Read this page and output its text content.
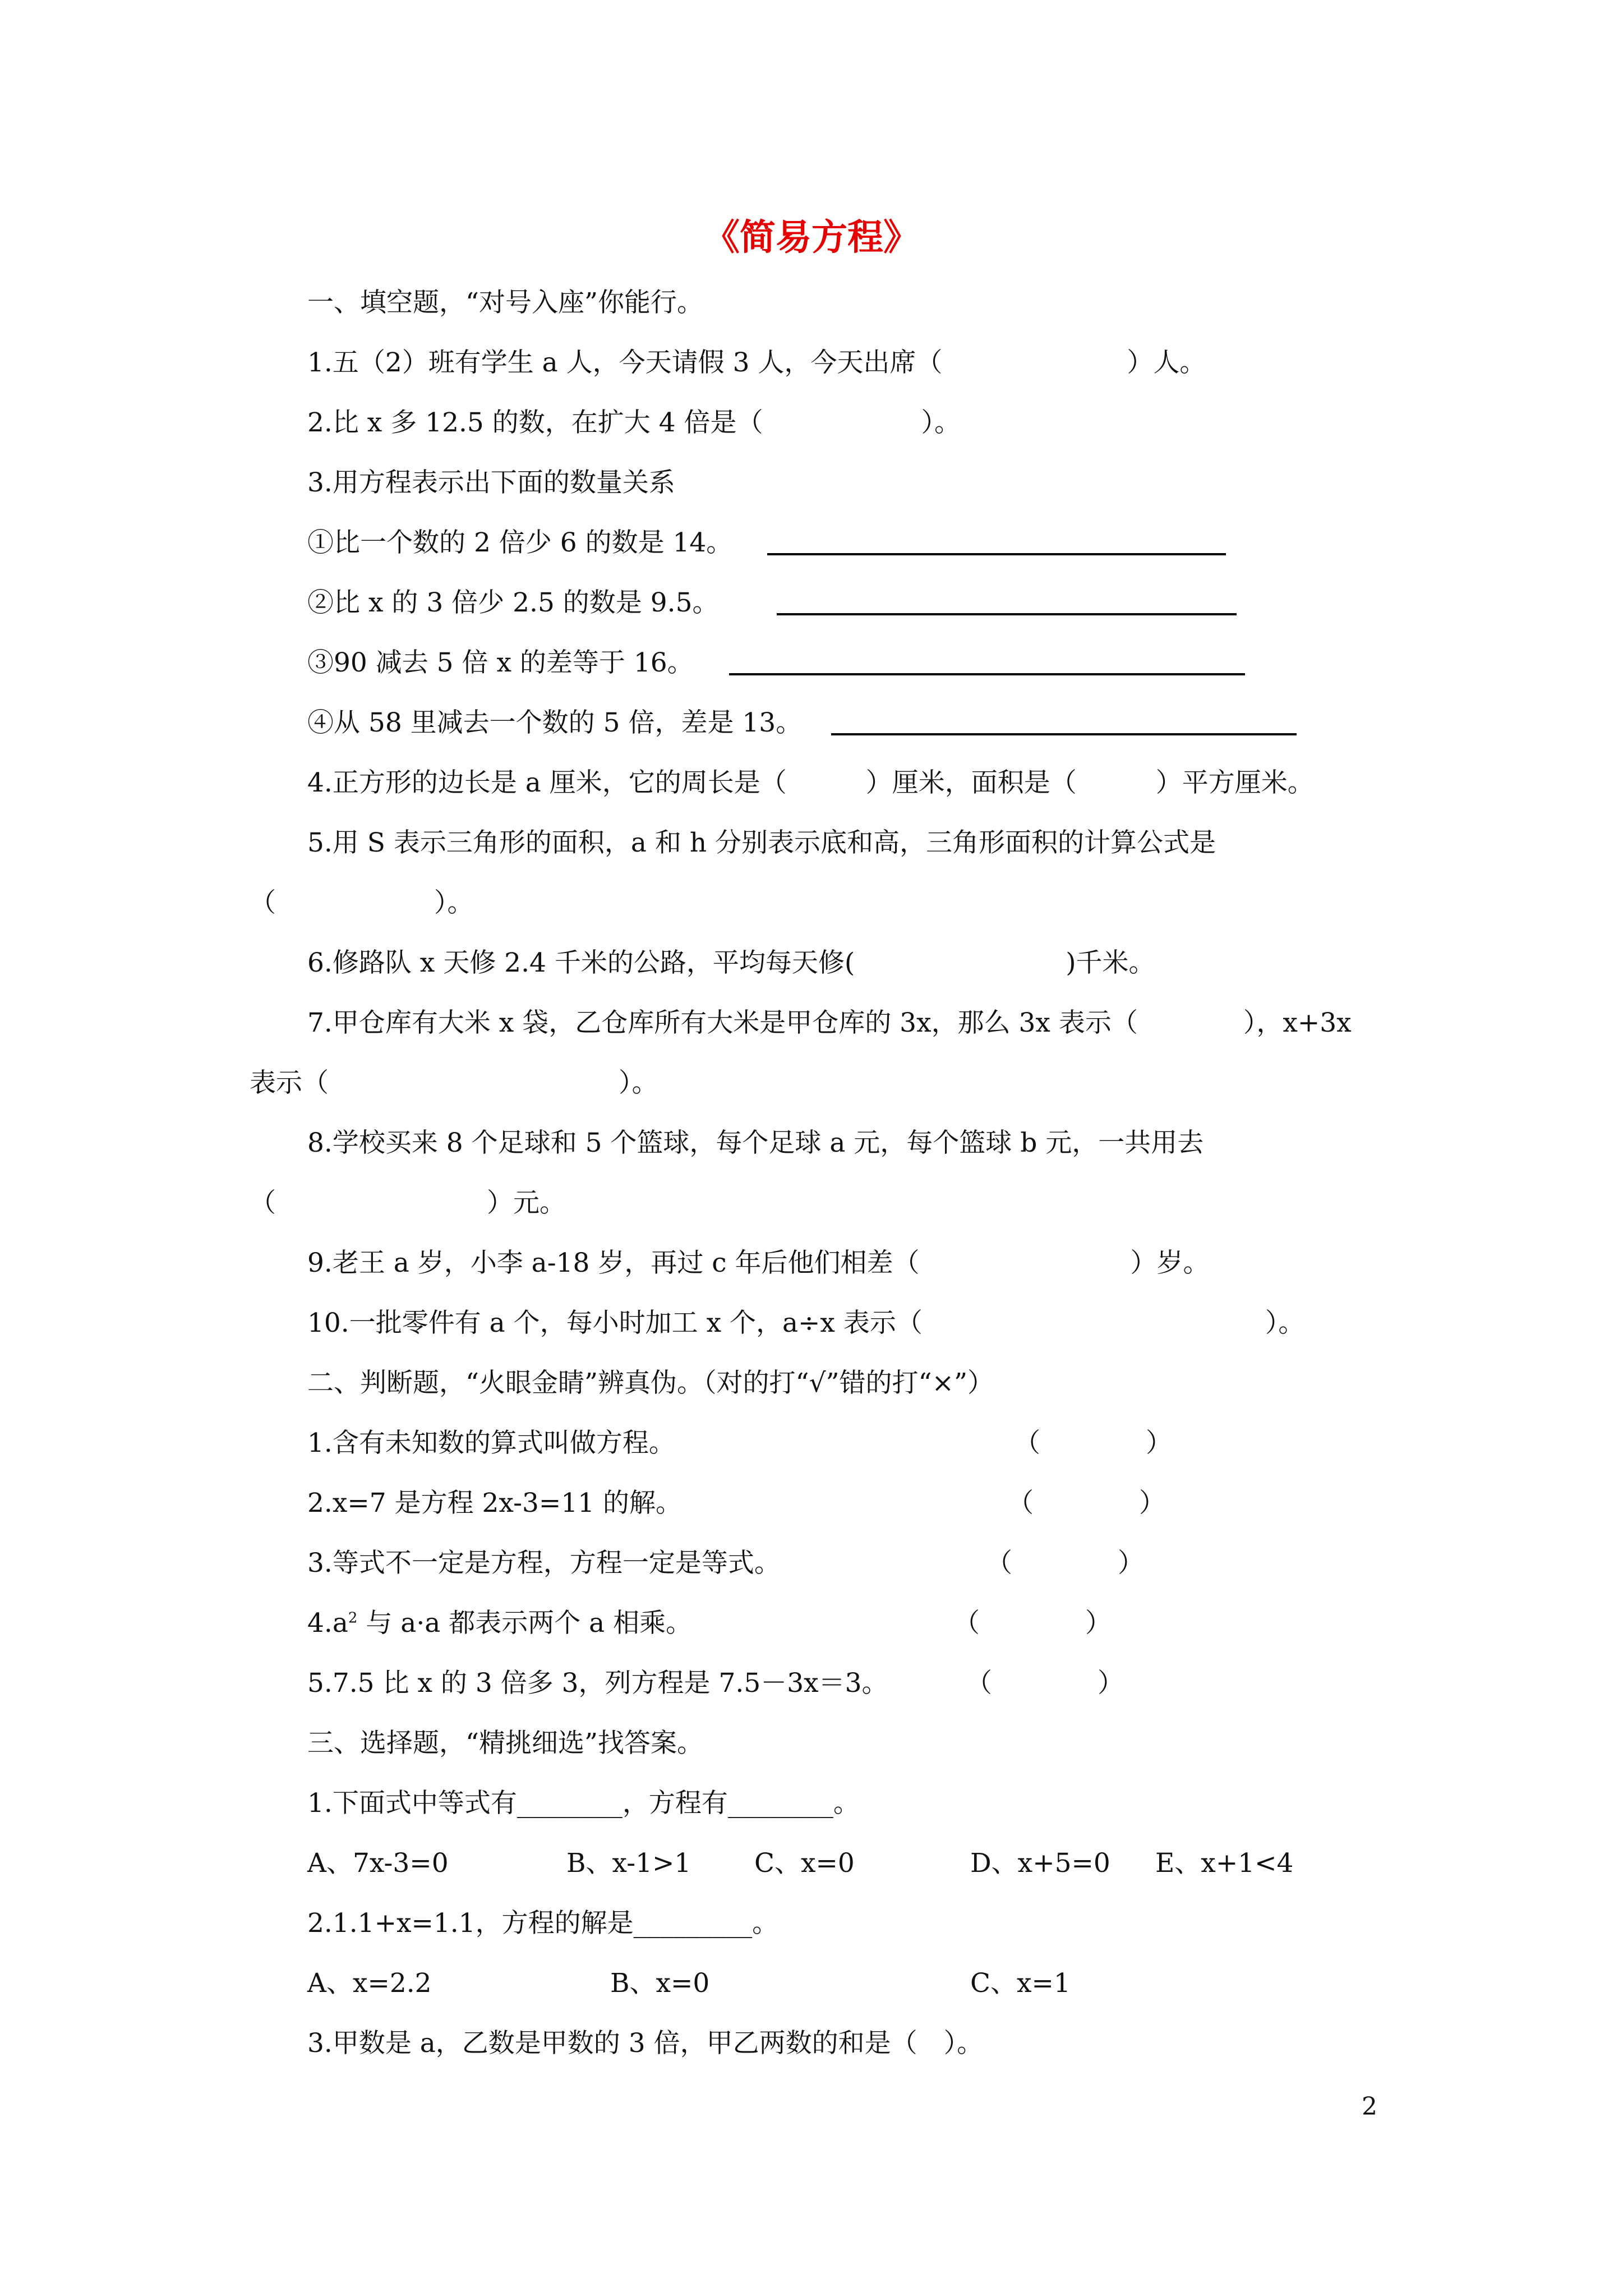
《简易方程》
一、填空题，“对号入座”你能行。
1.五（2）班有学生 a 人，今天请假 3 人，今天出席（　　　　　　　）人。
2.比 x 多 12.5 的数，在扩大 4 倍是（　　　　　　）。
3.用方程表示出下面的数量关系
①比一个数的 2 倍少 6 的数是 14。
②比 x 的 3 倍少 2.5 的数是 9.5。
③90 减去 5 倍 x 的差等于 16。
④从 58 里减去一个数的 5 倍，差是 13。
4.正方形的边长是 a 厘米，它的周长是（　　　）厘米，面积是（　　　）平方厘米。
5.用 S 表示三角形的面积，a 和 h 分别表示底和高，三角形面积的计算公式是
（　　　　　　）。
6.修路队 x 天修 2.4 千米的公路，平均每天修(　　　　　　　　)千米。
7.甲仓库有大米 x 袋，乙仓库所有大米是甲仓库的 3x，那么 3x 表示（　　　　），x+3x
表示（　　　　　　　　　　　）。
8.学校买来 8 个足球和 5 个篮球，每个足球 a 元，每个篮球 b 元，一共用去
（　　　　　　　　）元。
9.老王 a 岁，小李 a-18 岁，再过 c 年后他们相差（　　　　　　　　）岁。
10.一批零件有 a 个，每小时加工 x 个，a÷x 表示（　　　　　　　　　　　　　）。
二、判断题，“火眼金睛”辨真伪。（对的打“√”错的打“×”）
1.含有未知数的算式叫做方程。	（　　　　）
2.x=7 是方程 2x-3=11 的解。	（　　　　）
3.等式不一定是方程，方程一定是等式。	（　　　　）
$4.a^2$ 与 a·a 都表示两个 a 相乘。	（　　　　）
5.7.5 比 x 的 3 倍多 3，列方程是 7.5－3x＝3。	（　　　　）
三、选择题，“精挑细选”找答案。
1.下面式中等式有________，方程有________。
A、7x-3=0	B、x-1>1 C、x=0	D、x+5=0 E、x+1<4
2.1.1+x=1.1，方程的解是_________。
A、x=2.2	B、x=0	C、x=1
3.甲数是 a，乙数是甲数的 3 倍，甲乙两数的和是（　）。
2
